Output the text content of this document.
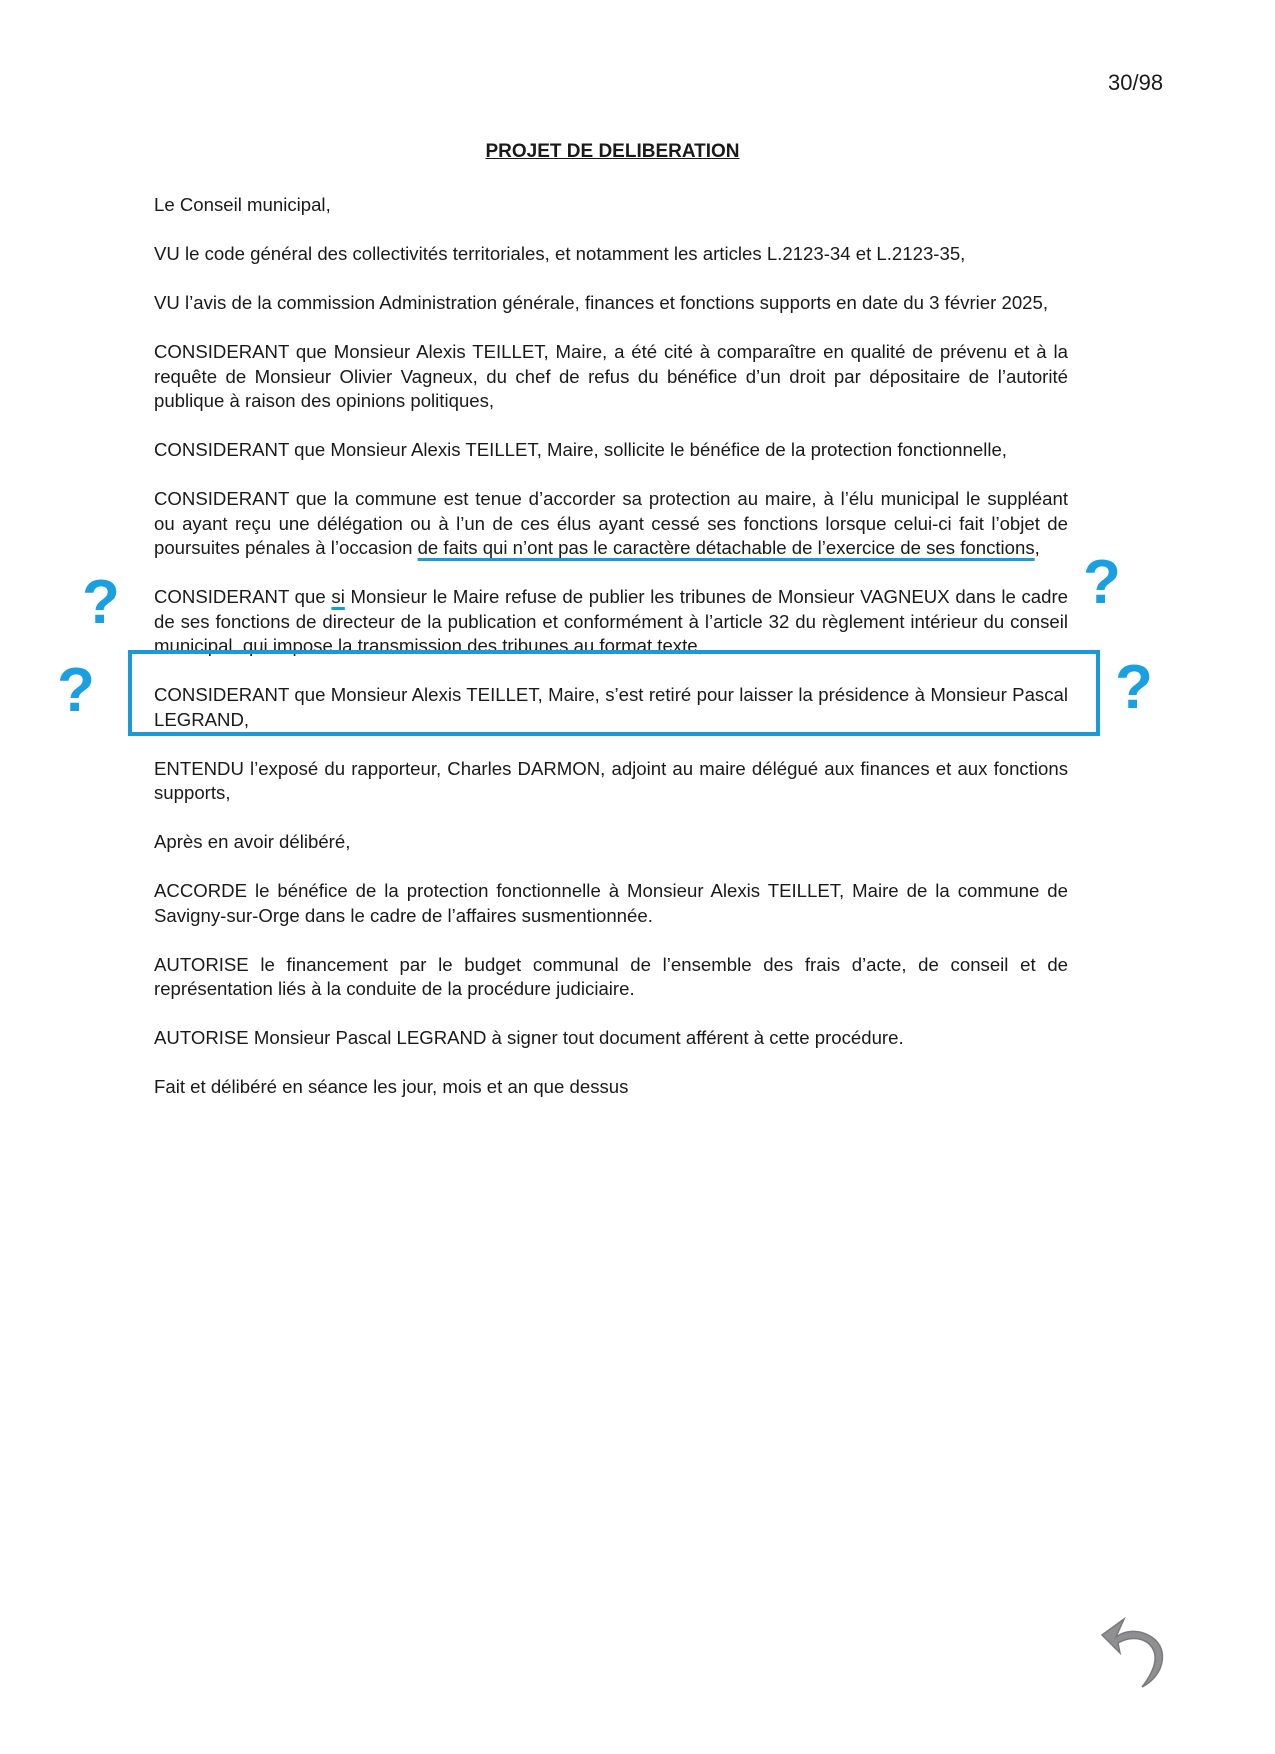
30/98
PROJET DE DELIBERATION

Le Conseil municipal,

VU le code général des collectivités territoriales, et notamment les articles L.2123-34 et L.2123-35,

VU l’avis de la commission Administration générale, finances et fonctions supports en date du 3 février 2025,

CONSIDERANT que Monsieur Alexis TEILLET, Maire, a été cité à comparaître en qualité de prévenu et à la requête de Monsieur Olivier Vagneux, du chef de refus du bénéfice d’un droit par dépositaire de l’autorité publique à raison des opinions politiques,

CONSIDERANT que Monsieur Alexis TEILLET, Maire, sollicite le bénéfice de la protection fonctionnelle,

CONSIDERANT que la commune est tenue d’accorder sa protection au maire, à l’élu municipal le suppléant ou ayant reçu une délégation ou à l’un de ces élus ayant cessé ses fonctions lorsque celui-ci fait l’objet de poursuites pénales à l’occasion de faits qui n’ont pas le caractère détachable de l’exercice de ses fonctions,

CONSIDERANT que si Monsieur le Maire refuse de publier les tribunes de Monsieur VAGNEUX dans le cadre de ses fonctions de directeur de la publication et conformément à l’article 32 du règlement intérieur du conseil municipal, qui impose la transmission des tribunes au format texte,

CONSIDERANT que Monsieur Alexis TEILLET, Maire, s’est retiré pour laisser la présidence à Monsieur Pascal LEGRAND,

ENTENDU l’exposé du rapporteur, Charles DARMON, adjoint au maire délégué aux finances et aux fonctions supports,

Après en avoir délibéré,

ACCORDE le bénéfice de la protection fonctionnelle à Monsieur Alexis TEILLET, Maire de la commune de Savigny-sur-Orge dans le cadre de l’affaires susmentionnée.

AUTORISE le financement par le budget communal de l’ensemble des frais d’acte, de conseil et de représentation liés à la conduite de la procédure judiciaire.

AUTORISE Monsieur Pascal LEGRAND à signer tout document afférent à cette procédure.

Fait et délibéré en séance les jour, mois et an que dessus

?	?
?	?
